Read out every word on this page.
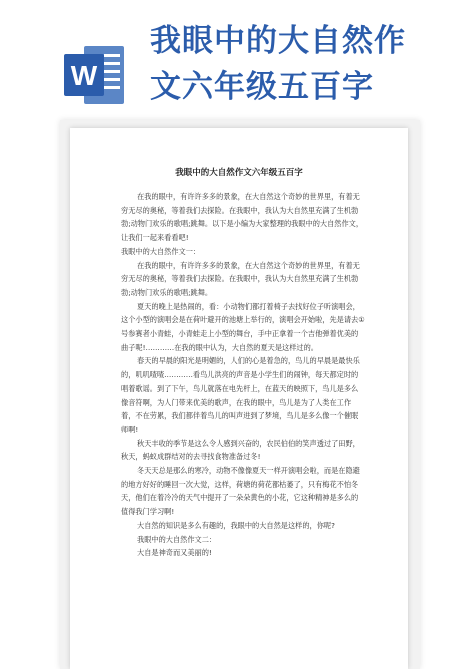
W
我眼中的大自然作
文六年级五百字
我眼中的大自然作文六年级五百字

在我的眼中，有许许多多的景象，在大自然这个奇妙的世界里，有着无穷无尽的奥秘，等着我们去探险。在我眼中，我认为大自然里充满了生机勃勃;动物门欢乐的歌唱;跳舞。以下是小编为大家整理的我眼中的大自然作文，让我们一起来看看吧!

我眼中的大自然作文一：

在我的眼中，有许许多多的景象，在大自然这个奇妙的世界里，有着无穷无尽的奥秘，等着我们去探险。在我眼中，我认为大自然里充满了生机勃勃;动物门欢乐的歌唱;跳舞。

夏天的晚上是热闹的，看：小动物们都打着椅子去找好位子听演唱会，这个小型的演唱会是在荷叶避开的池塘上举行的，演唱会开始啦，先是请去①号参赛者小青蛙，小青蛙走上小型的舞台，手中正拿着一个吉他弹着优美的曲子呢!…………在我的眼中认为，大自然的夏天是这样过的。

春天的早晨的阳光是明媚的，人们的心是着急的，鸟儿的早晨是最快乐的，叽叽喳喳…………看鸟儿洪亮的声音是小学生们的闹钟，每天都定时的唱着歌谣。到了下午，鸟儿就落在电先杆上，在蓝天的映照下，鸟儿是多么像音符啊，为人门带来优美的歌声，在我的眼中，鸟儿是为了人类在工作着，不在劳累，我们都伴着鸟儿的叫声进到了梦境，鸟儿是多么像一个催眠师啊!

秋天丰收的季节是这么令人感到兴奋的，农民伯伯的笑声透过了田野，秋天，蚂蚁成群结对的去寻找食物准备过冬!

冬天天总是那么的寒冷，动物不像像夏天一样开演唱会啦，而是在隐避的地方好好的睡回一次大觉，这样，荷塘的荷花都枯萎了，只有梅花不怕冬天，他们在着冷冷的天气中提开了一朵朵黄色的小花，它这种精神是多么的值得我门学习啊!

大自然的知识是多么有趣的，我眼中的大自然是这样的，你呢?

我眼中的大自然作文二：

大自是神奇而又美丽的!
